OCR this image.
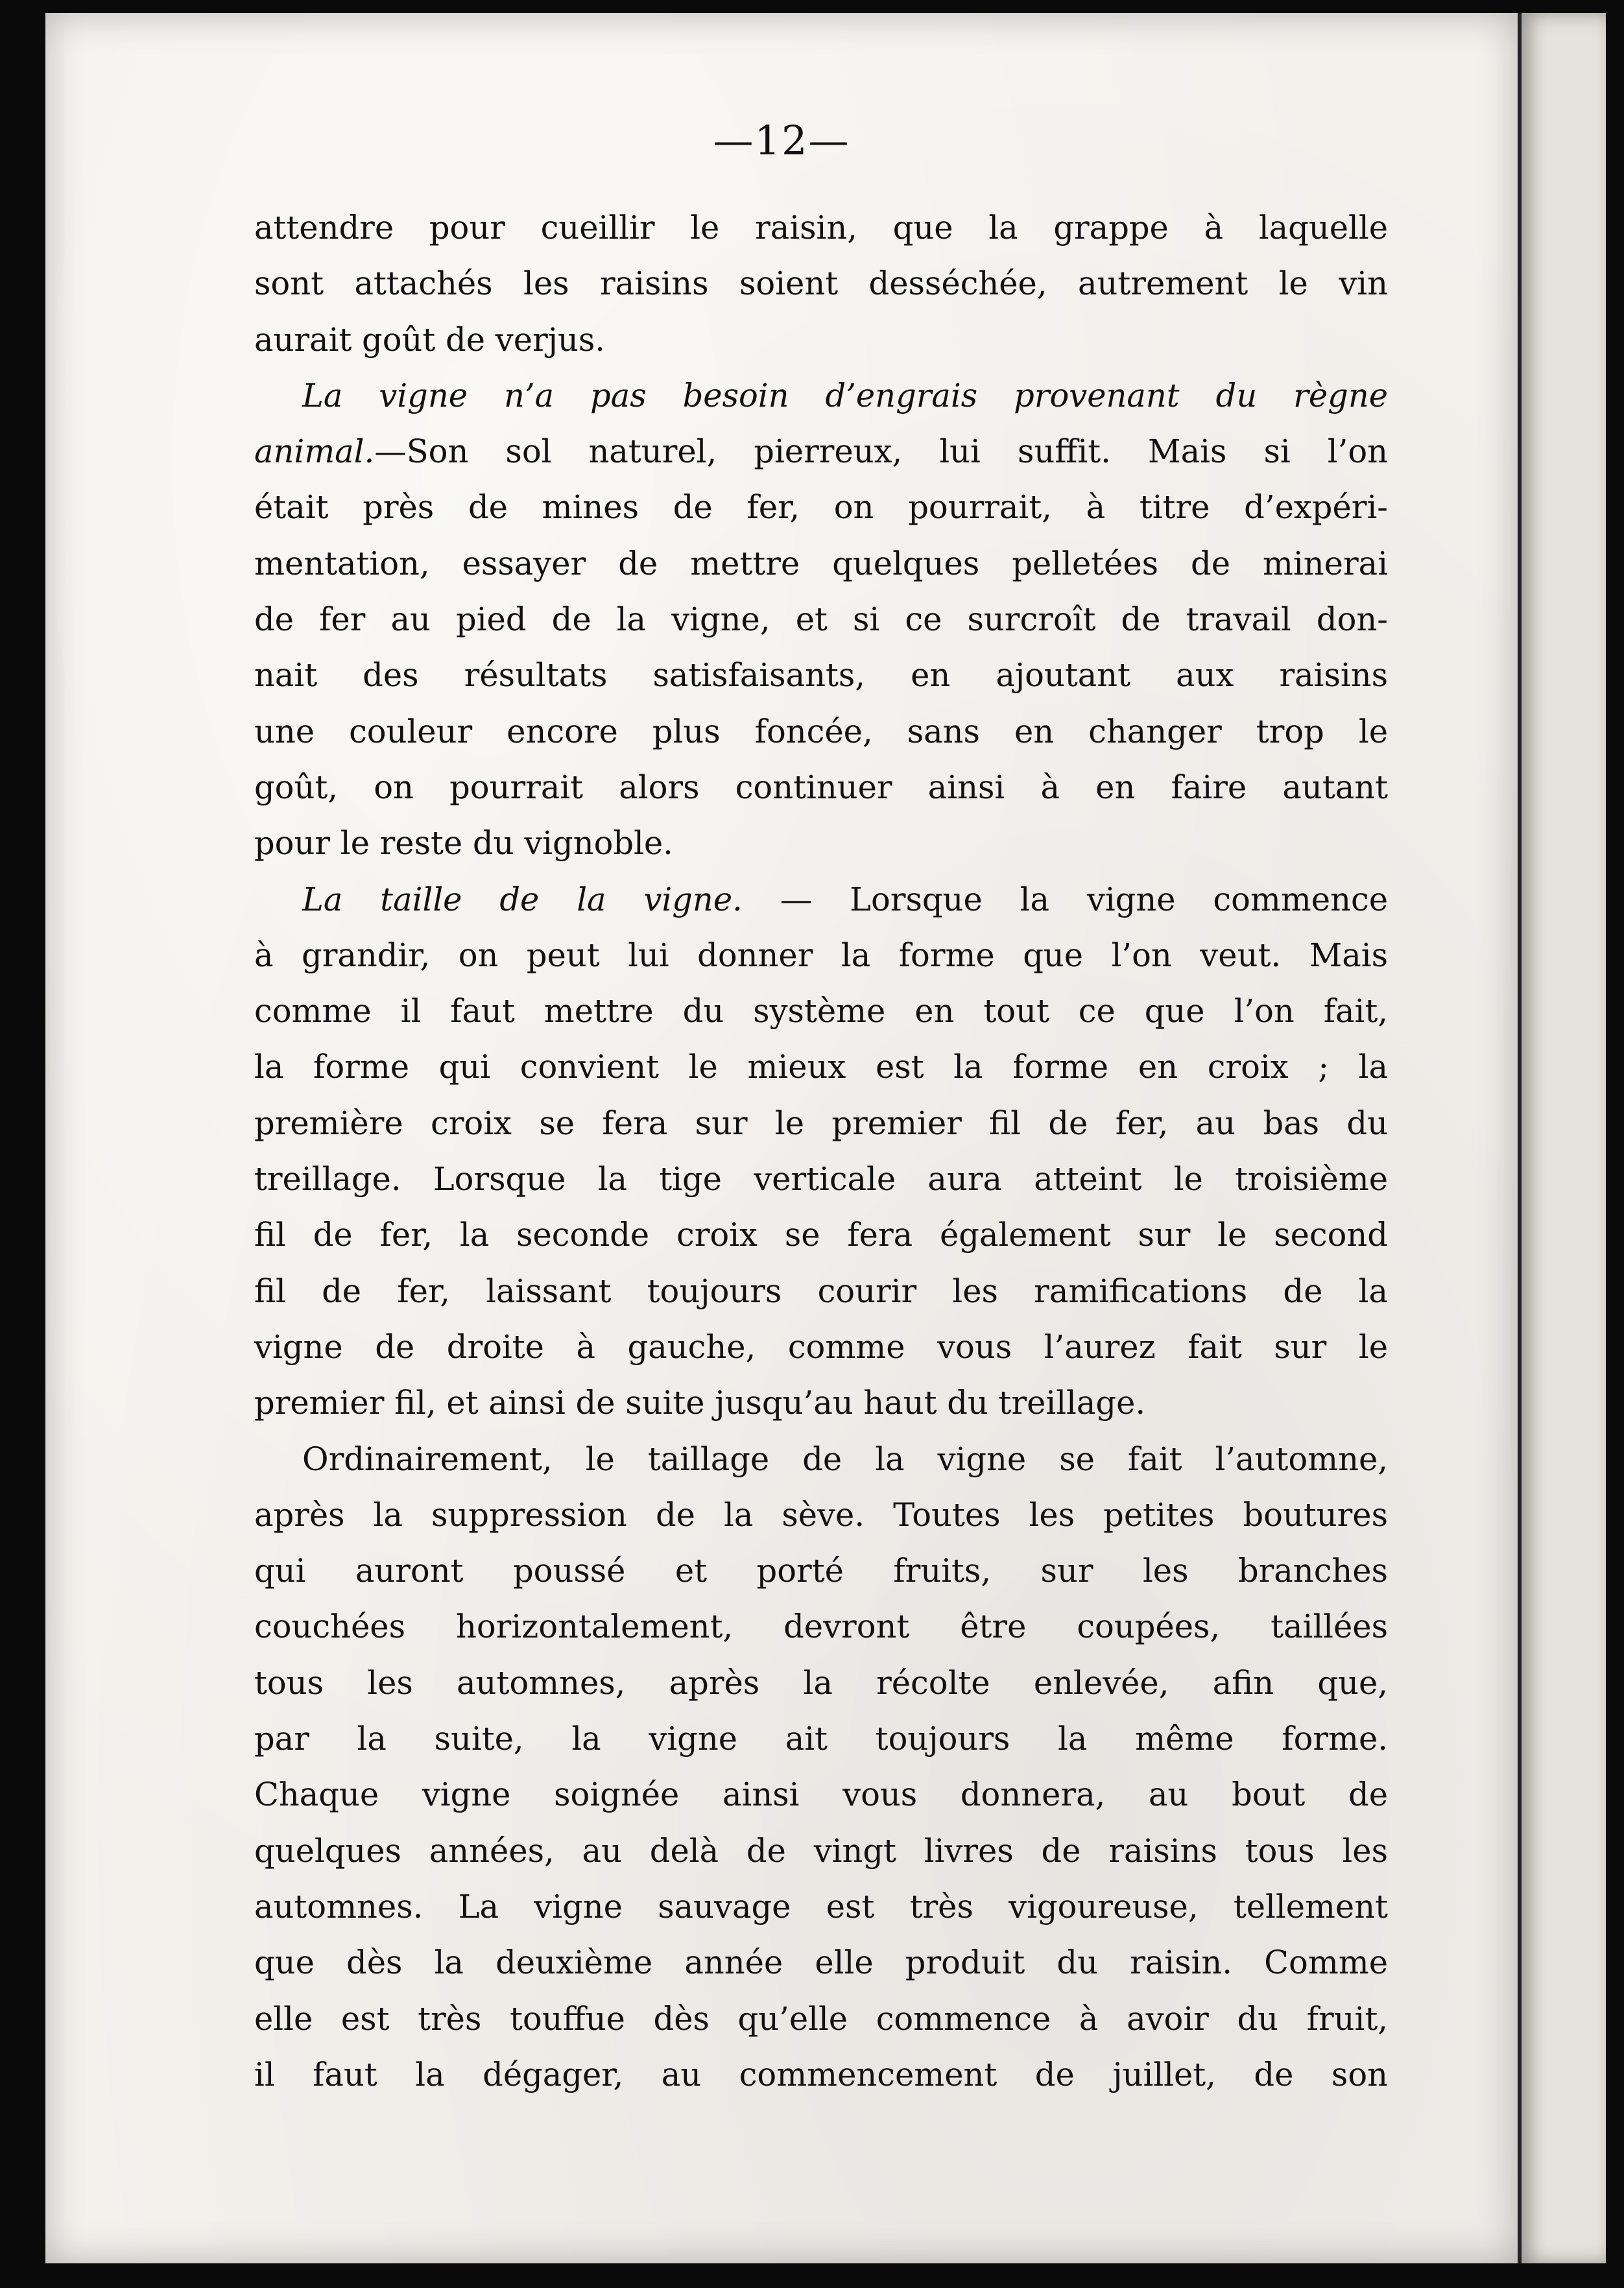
—12—
attendre pour cueillir le raisin, que la grappe à laquelle
sont attachés les raisins soient desséchée, autrement le vin
aurait goût de verjus.
La vigne n’a pas besoin d’engrais provenant du règne
animal.—Son sol naturel, pierreux, lui suffit. Mais si l’on
était près de mines de fer, on pourrait, à titre d’expéri-
mentation, essayer de mettre quelques pelletées de minerai
de fer au pied de la vigne, et si ce surcroît de travail don-
nait des résultats satisfaisants, en ajoutant aux raisins
une couleur encore plus foncée, sans en changer trop le
goût, on pourrait alors continuer ainsi à en faire autant
pour le reste du vignoble.
La taille de la vigne. — Lorsque la vigne commence
à grandir, on peut lui donner la forme que l’on veut. Mais
comme il faut mettre du système en tout ce que l’on fait,
la forme qui convient le mieux est la forme en croix ; la
première croix se fera sur le premier fil de fer, au bas du
treillage. Lorsque la tige verticale aura atteint le troisième
fil de fer, la seconde croix se fera également sur le second
fil de fer, laissant toujours courir les ramifications de la
vigne de droite à gauche, comme vous l’aurez fait sur le
premier fil, et ainsi de suite jusqu’au haut du treillage.
Ordinairement, le taillage de la vigne se fait l’automne,
après la suppression de la sève. Toutes les petites boutures
qui auront poussé et porté fruits, sur les branches
couchées horizontalement, devront être coupées, taillées
tous les automnes, après la récolte enlevée, afin que,
par la suite, la vigne ait toujours la même forme.
Chaque vigne soignée ainsi vous donnera, au bout de
quelques années, au delà de vingt livres de raisins tous les
automnes. La vigne sauvage est très vigoureuse, tellement
que dès la deuxième année elle produit du raisin. Comme
elle est très touffue dès qu’elle commence à avoir du fruit,
il faut la dégager, au commencement de juillet, de son
